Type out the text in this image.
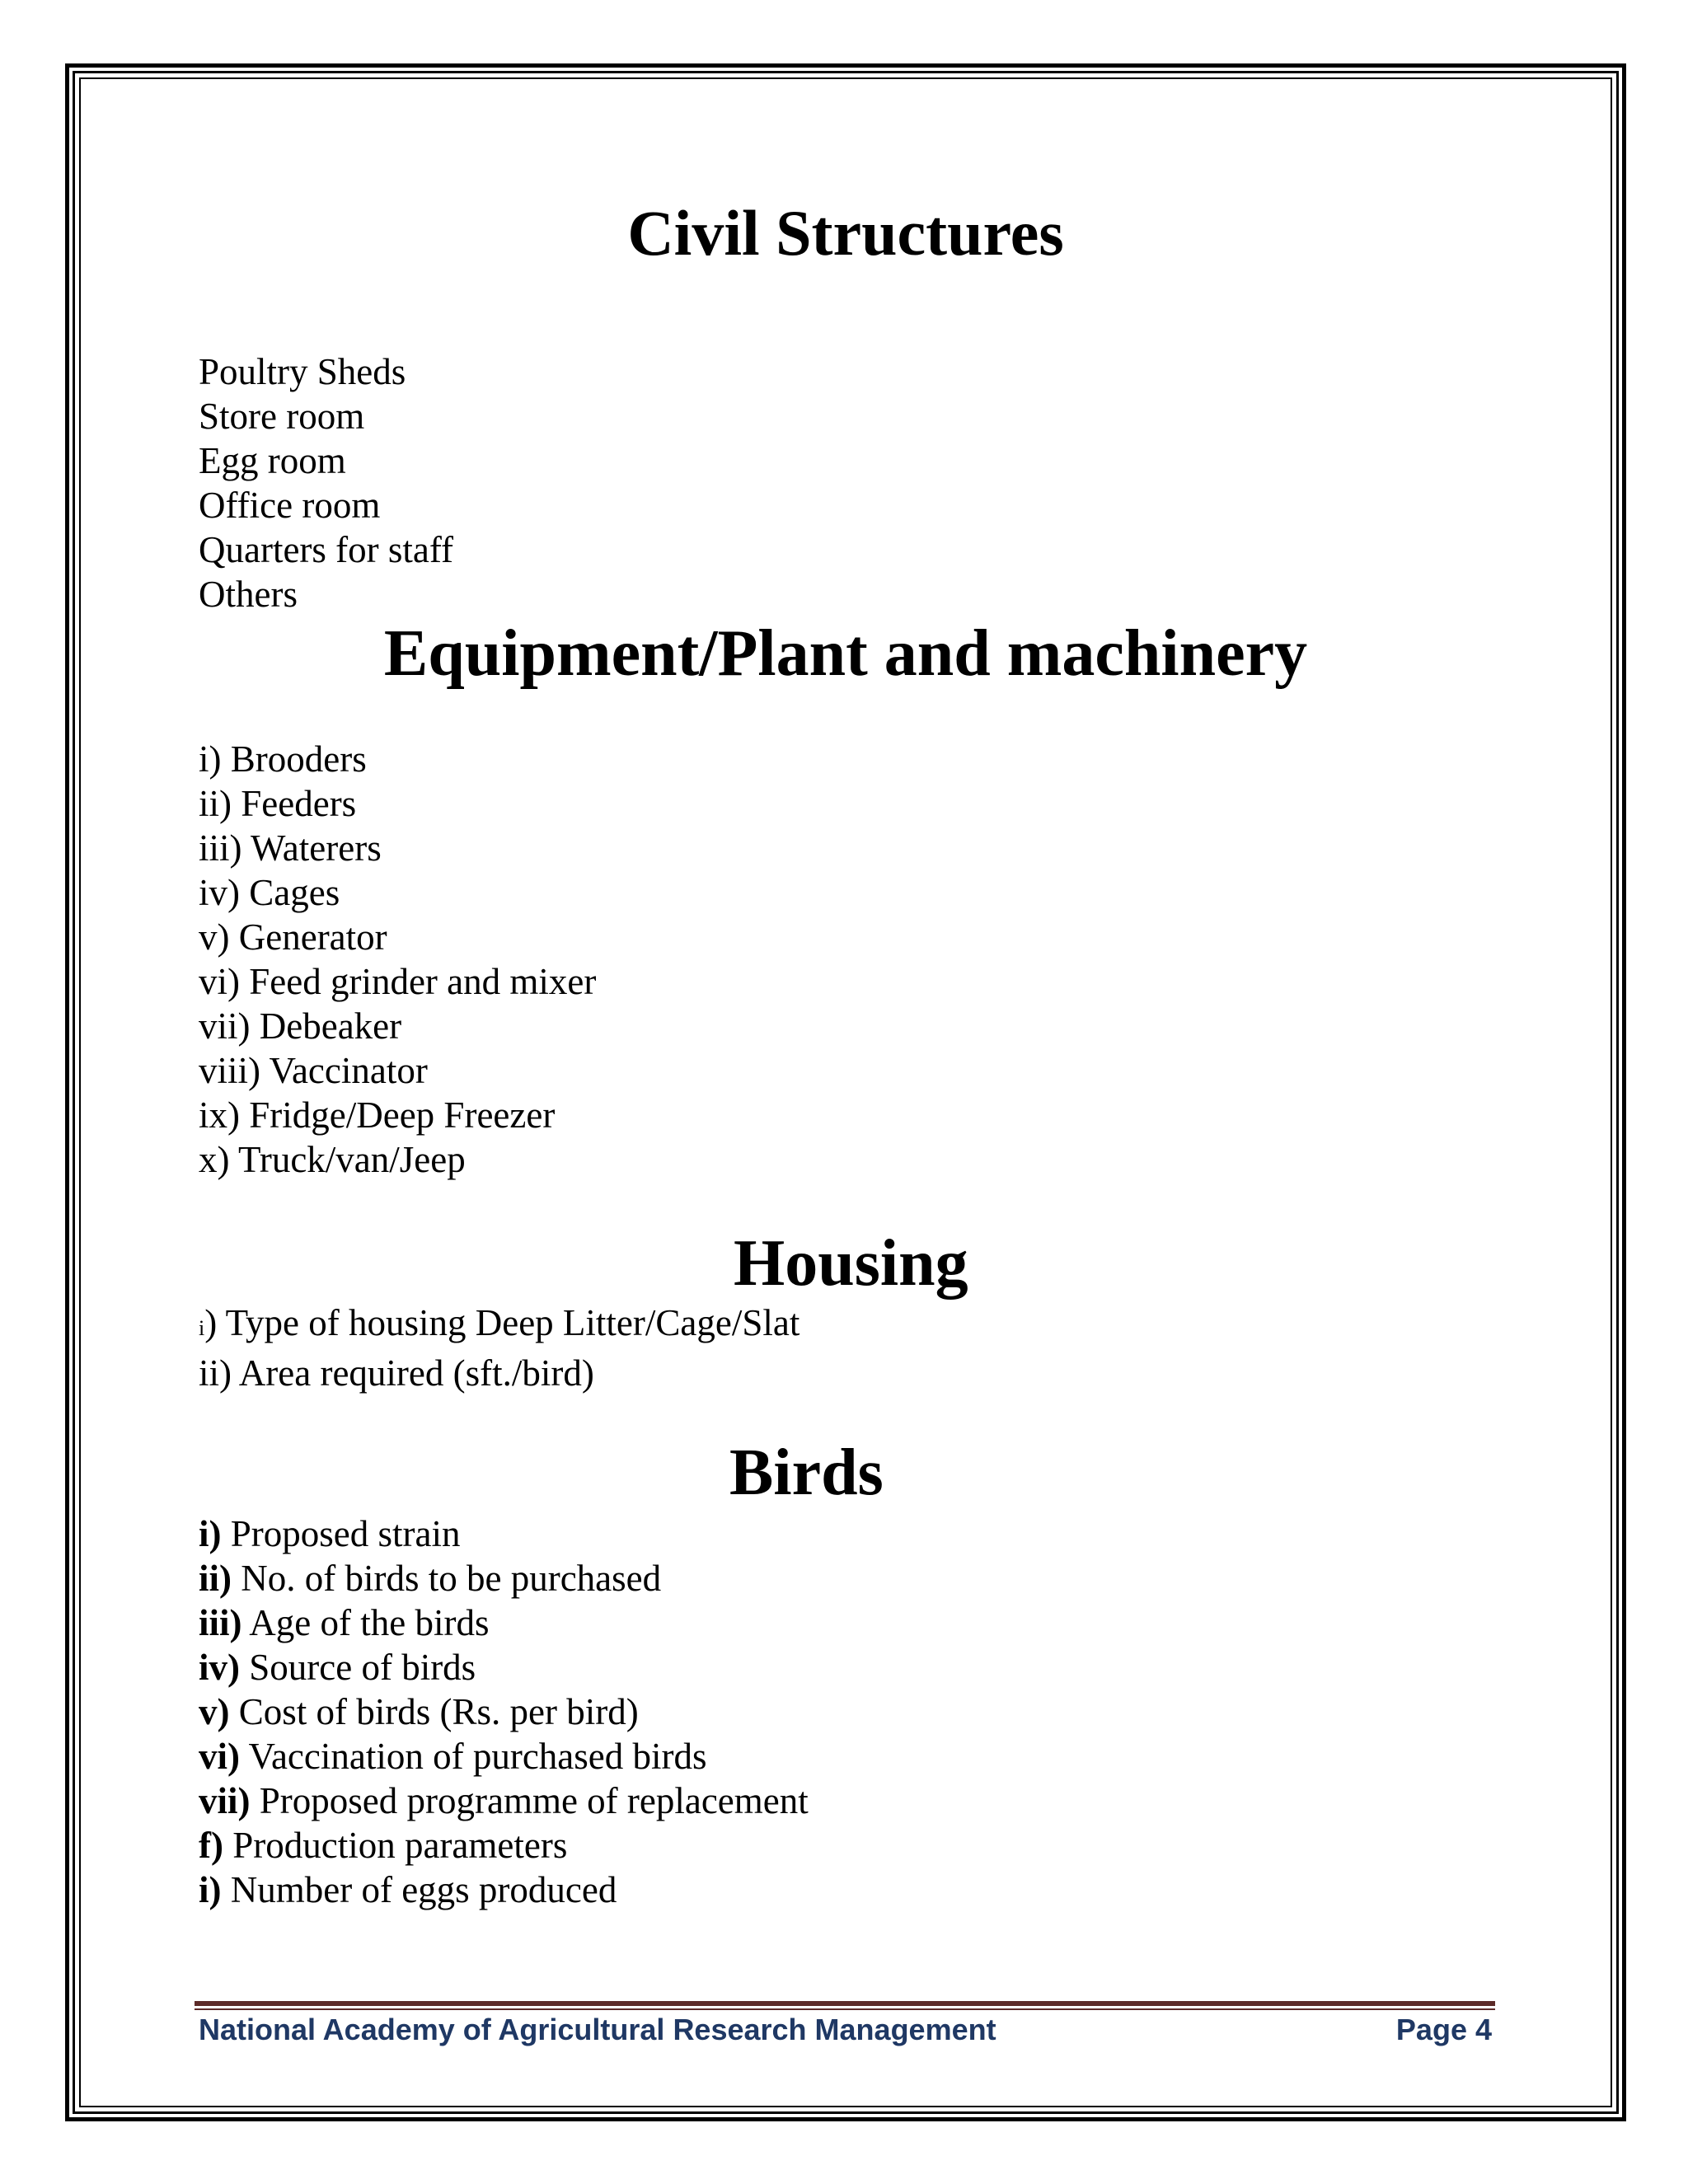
Civil Structures
Poultry Sheds
Store room
Egg room
Office room
Quarters for staff
Others
Equipment/Plant and machinery
i) Brooders
ii) Feeders
iii) Waterers
iv) Cages
v) Generator
vi) Feed grinder and mixer
vii) Debeaker
viii) Vaccinator
ix) Fridge/Deep Freezer
x) Truck/van/Jeep
Housing
i) Type of housing Deep Litter/Cage/Slat
ii) Area required (sft./bird)
Birds
i) Proposed strain
ii) No. of birds to be purchased
iii) Age of the birds
iv) Source of birds
v) Cost of birds (Rs. per bird)
vi) Vaccination of purchased birds
vii) Proposed programme of replacement
f) Production parameters
i) Number of eggs produced
National Academy of Agricultural Research Management	Page 4
